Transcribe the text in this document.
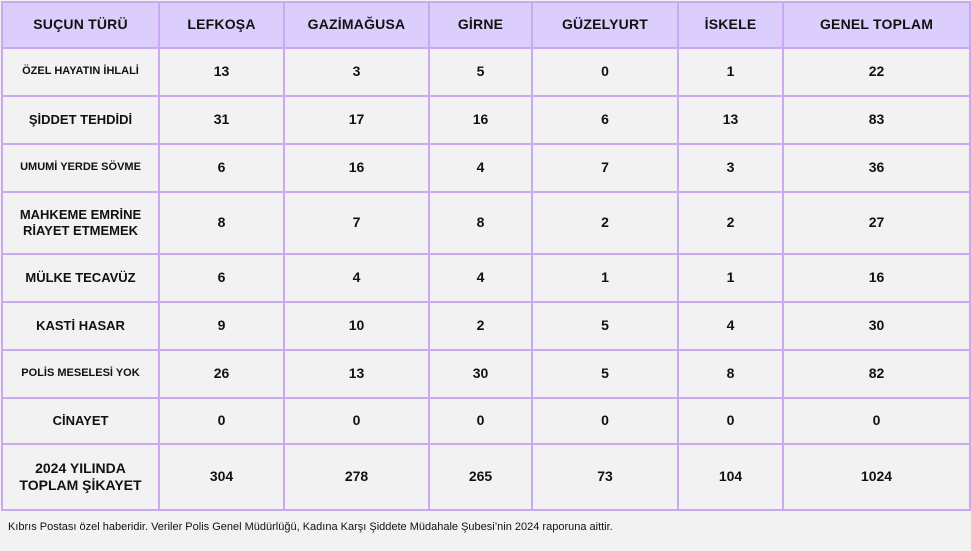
SUÇUN TÜRÜ	LEFKOŞA	GAZİMAĞUSA	GİRNE	GÜZELYURT	İSKELE	GENEL TOPLAM
ÖZEL HAYATIN İHLALİ	13	3	5	0	1	22
ŞİDDET TEHDİDİ	31	17	16	6	13	83
UMUMİ YERDE SÖVME	6	16	4	7	3	36
MAHKEME EMRİNE
RİAYET ETMEMEK	8	7	8	2	2	27
MÜLKE TECAVÜZ	6	4	4	1	1	16
KASTİ HASAR	9	10	2	5	4	30
POLİS MESELESİ YOK	26	13	30	5	8	82
CİNAYET	0	0	0	0	0	0
2024 YILINDA
TOPLAM ŞİKAYET	304	278	265	73	104	1024
Kıbrıs Postası özel haberidir. Veriler Polis Genel Müdürlüğü, Kadına Karşı Şiddete Müdahale Şubesi’nin 2024 raporuna aittir.
